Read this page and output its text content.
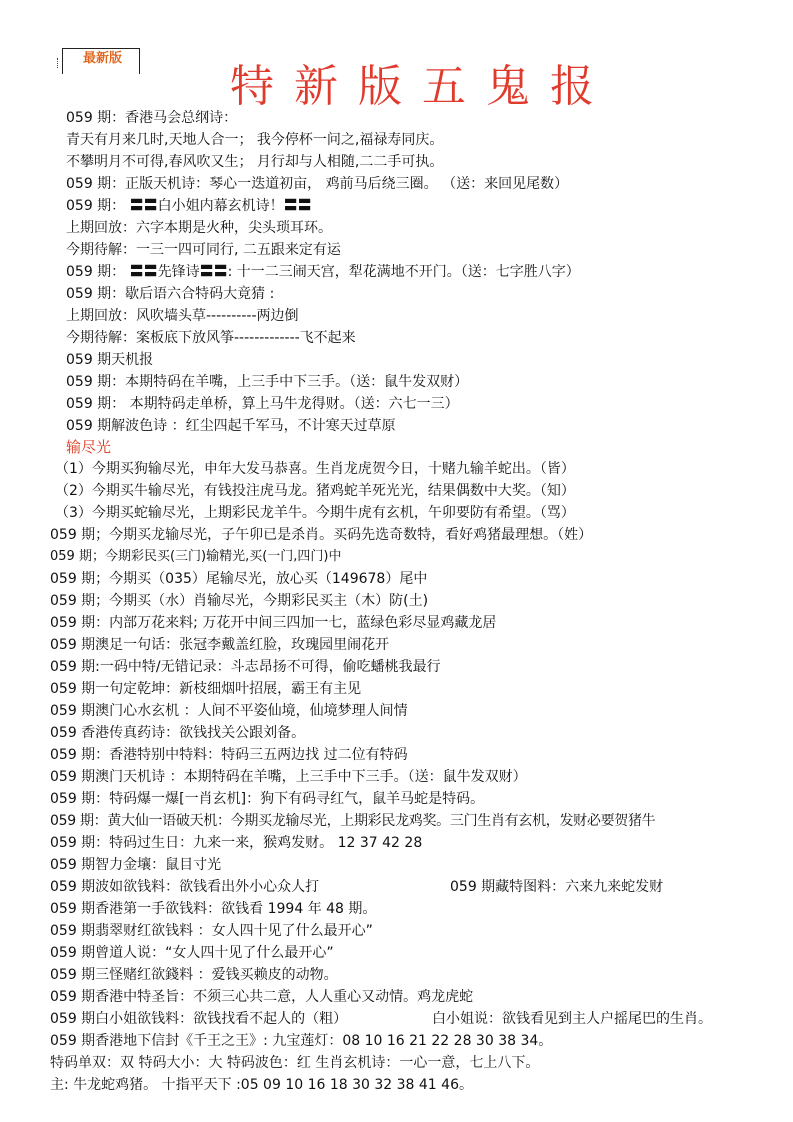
最新版
特新版五鬼报
059 期：香港马会总纲诗：
青天有月来几时,天地人合一； 我今停杯一问之,福禄寿同庆。
不攀明月不可得,春风吹又生； 月行却与人相随,二二手可执。
059 期：正版天机诗：琴心一迭道初亩， 鸡前马后绕三圈。 （送：来回见尾数）
059 期： 〓〓白小姐内幕玄机诗！〓〓
上期回放：六字本期是火种，尖头琐耳环。
今期待解：一三一四可同行, 二五跟来定有运
059 期： 〓〓先锋诗〓〓: 十一二三闹天宫，犁花满地不开门。（送：七字胜八字）
059 期：歇后语六合特码大竟猜 :
上期回放：风吹墙头草----------两边倒
今期待解：案板底下放风筝-------------飞不起来
059 期天机报
059 期：本期特码在羊嘴，上三手中下三手。（送：鼠牛发双财）
059 期： 本期特码走单桥，算上马牛龙得财。（送：六七一三）
059 期解波色诗 ：红尘四起千军马，不计寒天过草原
输尽光
（1）今期买狗输尽光，申年大发马恭喜。生肖龙虎贺今日，十赌九输羊蛇出。（皆）
（2）今期买牛输尽光，有钱投注虎马龙。猪鸡蛇羊死光光，结果偶数中大奖。（知）
（3）今期买蛇输尽光，上期彩民龙羊牛。今期牛虎有玄机，午卯要防有希望。（骂）
059 期；今期买龙输尽光，子午卯已是杀肖。买码先选奇数特，看好鸡猪最理想。（姓）
059 期；今期彩民买(三门)输精光,买(一门,四门)中
059 期；今期买（035）尾输尽光，放心买（149678）尾中
059 期；今期买（水）肖输尽光，今期彩民买主（木）防(土)
059 期：内部万花来料; 万花开中间三四加一七，蓝绿色彩尽显鸡藏龙居
059 期澳足一句话：张冠李戴盖红脸，玫瑰园里闹花开
059 期:一码中特/无错记录：斗志昂扬不可得，偷吃蟠桃我最行
059 期一句定乾坤：新枝细烟叶招展，霸王有主见
059 期澳门心水玄机 ：人间不平姿仙境，仙境梦理人间情
059 香港传真药诗：欲钱找关公跟刘备。
059 期：香港特别中特料：特码三五两边找 过二位有特码
059 期澳门天机诗 ：本期特码在羊嘴，上三手中下三手。（送：鼠牛发双财）
059 期：特码爆一爆[一肖玄机]：狗下有码寻红气，鼠羊马蛇是特码。
059 期：黄大仙一语破天机：今期买龙输尽光，上期彩民龙鸡奖。三门生肖有玄机，发财必要贺猪牛
059 期：特码过生日：九来一来，猴鸡发财。 12 37 42 28
059 期智力金壤：鼠目寸光
059 期波如欲钱料：欲钱看出外小心众人打	059 期藏特图料：六来九来蛇发财
059 期香港第一手欲钱料：欲钱看 1994 年 48 期。
059 期翡翠财红欲钱料 ：女人四十见了什么最开心”
059 期曾道人说：“女人四十见了什么最开心”
059 期三怪赌红欲錢料 ：爱钱买赖皮的动物。
059 期香港中特圣旨：不须三心共二意，人人重心又动情。鸡龙虎蛇
059 期白小姐欲钱料：欲钱找看不起人的（粗）	白小姐说：欲钱看见到主人户摇尾巴的生肖。
059 期香港地下信封《千王之王》: 九宝莲灯：08 10 16 21 22 28 30 38 34。
特码单双：双 特码大小：大 特码波色：红 生肖玄机诗：一心一意，七上八下。
主: 牛龙蛇鸡猪。 十指平天下 :05 09 10 16 18 30 32 38 41 46。
